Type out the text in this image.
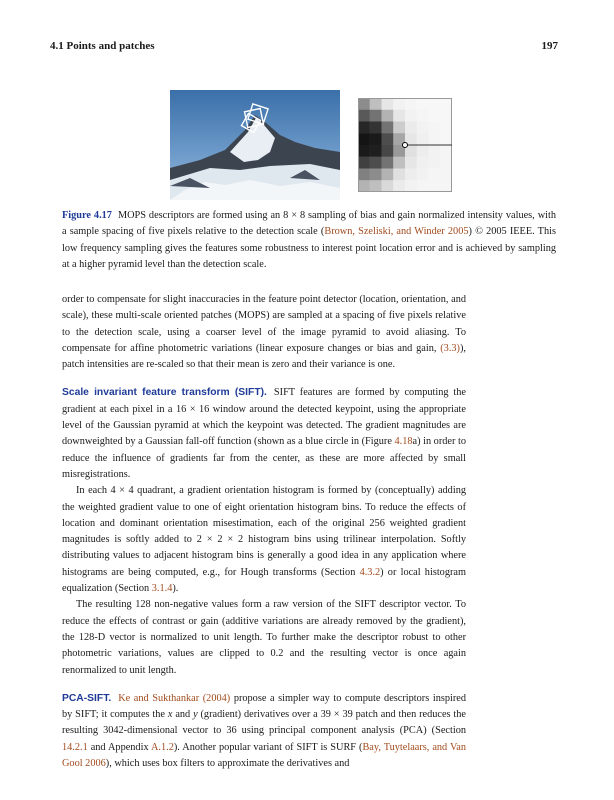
4.1 Points and patches	197
Figure 4.17 MOPS descriptors are formed using an 8 × 8 sampling of bias and gain normalized intensity values, with a sample spacing of five pixels relative to the detection scale (Brown, Szeliski, and Winder 2005) © 2005 IEEE. This low frequency sampling gives the features some robustness to interest point location error and is achieved by sampling at a higher pyramid level than the detection scale.

order to compensate for slight inaccuracies in the feature point detector (location, orientation, and scale), these multi-scale oriented patches (MOPS) are sampled at a spacing of five pixels relative to the detection scale, using a coarser level of the image pyramid to avoid aliasing. To compensate for affine photometric variations (linear exposure changes or bias and gain, (3.3)), patch intensities are re-scaled so that their mean is zero and their variance is one.

Scale invariant feature transform (SIFT). SIFT features are formed by computing the gradient at each pixel in a 16 × 16 window around the detected keypoint, using the appropriate level of the Gaussian pyramid at which the keypoint was detected. The gradient magnitudes are downweighted by a Gaussian fall-off function (shown as a blue circle in (Figure 4.18a) in order to reduce the influence of gradients far from the center, as these are more affected by small misregistrations.

In each 4 × 4 quadrant, a gradient orientation histogram is formed by (conceptually) adding the weighted gradient value to one of eight orientation histogram bins. To reduce the effects of location and dominant orientation misestimation, each of the original 256 weighted gradient magnitudes is softly added to 2 × 2 × 2 histogram bins using trilinear interpolation. Softly distributing values to adjacent histogram bins is generally a good idea in any application where histograms are being computed, e.g., for Hough transforms (Section 4.3.2) or local histogram equalization (Section 3.1.4).

The resulting 128 non-negative values form a raw version of the SIFT descriptor vector. To reduce the effects of contrast or gain (additive variations are already removed by the gradient), the 128-D vector is normalized to unit length. To further make the descriptor robust to other photometric variations, values are clipped to 0.2 and the resulting vector is once again renormalized to unit length.

PCA-SIFT. Ke and Sukthankar (2004) propose a simpler way to compute descriptors inspired by SIFT; it computes the x and y (gradient) derivatives over a 39 × 39 patch and then reduces the resulting 3042-dimensional vector to 36 using principal component analysis (PCA) (Section 14.2.1 and Appendix A.1.2). Another popular variant of SIFT is SURF (Bay, Tuytelaars, and Van Gool 2006), which uses box filters to approximate the derivatives and
